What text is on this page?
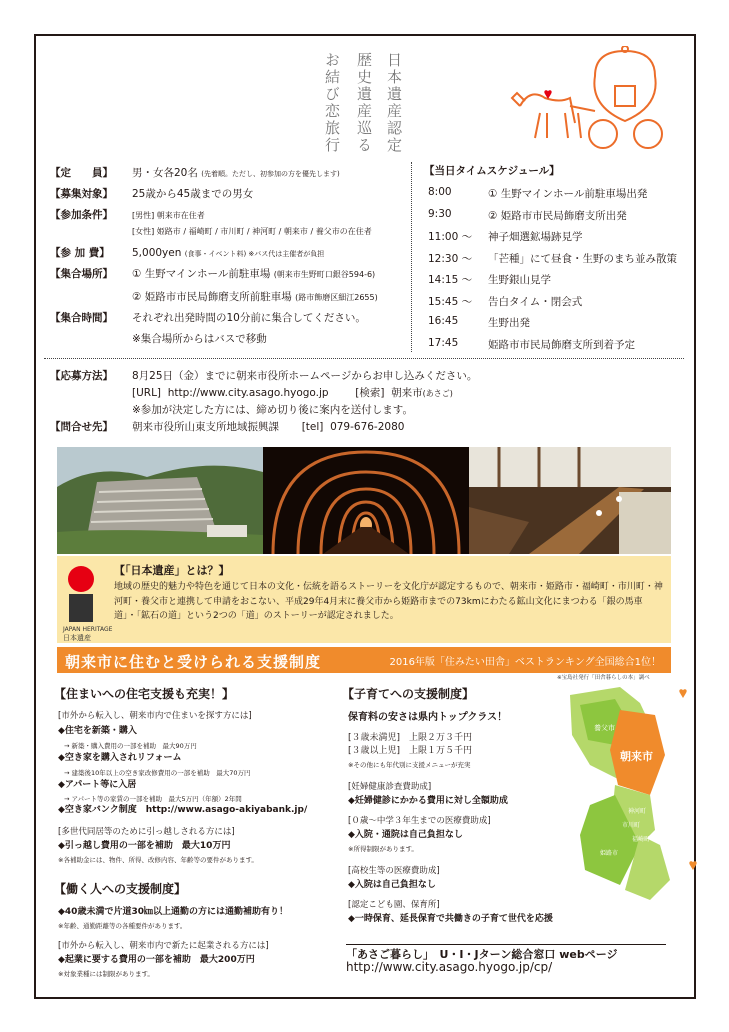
日本遺産認定
歴史遺産巡る
お結び恋旅行
【定　　員】 男・女各20名 (先着順。ただし、初参加の方を優先します)
【募集対象】 25歳から45歳までの男女
【参加条件】 [男性] 朝来市在住者
[女性] 姫路市 / 福崎町 / 市川町 / 神河町 / 朝来市 / 養父市の在住者
【参 加 費】 5,000yen (食事・イベント料) ※バス代は主催者が負担
【集合場所】 ① 生野マインホール前駐車場 (朝来市生野町口銀谷594-6)
② 姫路市市民局飾磨支所前駐車場 (路市飾磨区細江2655)
【集合時間】 それぞれ出発時間の10分前に集合してください。
※集合場所からはバスで移動
【当日タイムスケジュール】
8:00	① 生野マインホール前駐車場出発
9:30	② 姫路市市民局飾磨支所出発
11:00 ～ 神子畑選鉱場跡見学
12:30 ～ 「芒種」にて昼食・生野のまち並み散策
14:15 ～ 生野銀山見学
15:45 ～ 告白タイム・閉会式
16:45	生野出発
17:45	姫路市市民局飾磨支所到着予定
【応募方法】 8月25日（金）までに朝来市役所ホームページからお申し込みください。
[URL] http://www.city.asago.hyogo.jp	[検索] 朝来市(あさご)
※参加が決定した方には、締め切り後に案内を送付します。
【問合せ先】 朝来市役所山東支所地域振興課 [tel] 079-676-2080
JAPAN HERITAGE
日本遺産
【「日本遺産」とは？】
地域の歴史的魅力や特色を通じて日本の文化・伝統を語るストーリーを文化庁が認定するもので、朝来市・姫路市・福崎町・市川町・神河町・養父市と連携して申請をおこない、平成29年4月末に養父市から姫路市までの73kmにわたる鉱山文化にまつわる「銀の馬車道」・「鉱石の道」という2つの「道」のストーリーが認定されました。
朝来市に住むと受けられる支援制度	2016年版「住みたい田舎」ベストランキング全国総合1位！
※宝島社発行「田舎暮らしの本」調べ
【住まいへの住宅支援も充実！】
[市外から転入し、朝来市内で住まいを探す方には]
◆住宅を新築・購入
→ 新築・購入費用の一部を補助　最大90万円
◆空き家を購入されリフォーム
→ 建築後10年以上の空き家改修費用の一部を補助　最大70万円
◆アパート等に入居
→ アパート等の家賃の一部を補助　最大5万円（年額）2年間
◆空き家バンク制度　http://www.asago-akiyabank.jp/
[多世代同居等のために引っ越しされる方には]
◆引っ越し費用の一部を補助　最大10万円
※各補助金には、物件、所得、改修内容、年齢等の要件があります。
【働く人への支援制度】
◆40歳未満で片道30㎞以上通勤の方には通勤補助有り！
※年齢、通勤距離等の各種要件があります。
[市外から転入し、朝来市内で新たに起業される方には]
◆起業に要する費用の一部を補助　最大200万円
※対象業種には制限があります。
【子育てへの支援制度】
保育料の安さは県内トップクラス！
[３歳未満児]　上限２万３千円
[３歳以上児]　上限１万５千円
※その他にも年代別に支援メニューが充実
[妊婦健康診査費助成]
◆妊婦健診にかかる費用に対し全額助成
[０歳～中学３年生までの医療費助成]
◆入院・通院は自己負担なし
※所得制限があります。
[高校生等の医療費助成]
◆入院は自己負担なし
[認定こども園、保育所]
◆一時保育、延長保育で共働きの子育て世代を応援
養父市
朝来市
神河町
市川町
福崎町
姫路市
「あさご暮らし」　U・I・Jターン総合窓口 webページ
http://www.city.asago.hyogo.jp/cp/
